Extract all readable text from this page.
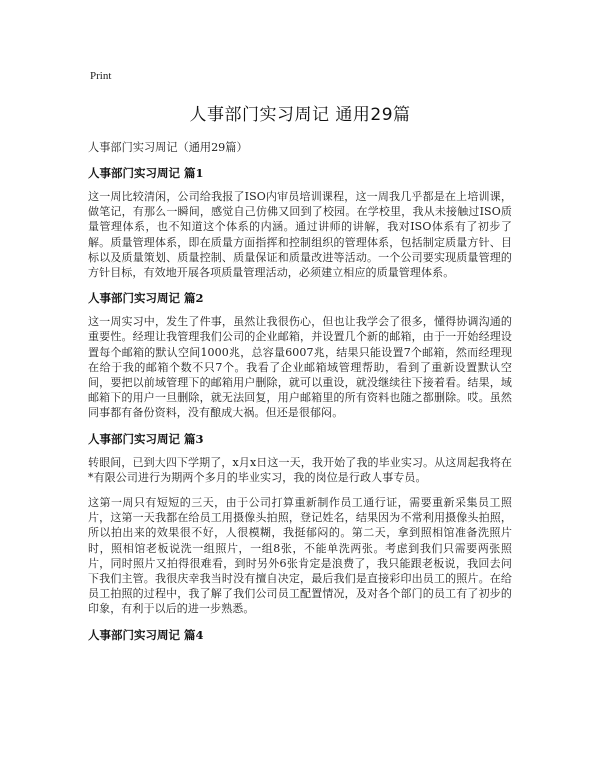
Print
人事部门实习周记 通用29篇
人事部门实习周记（通用29篇）
人事部门实习周记 篇1

这一周比较清闲，公司给我报了ISO内审员培训课程，这一周我几乎都是在上培训课，做笔记，有那么一瞬间，感觉自己仿佛又回到了校园。在学校里，我从未接触过ISO质量管理体系，也不知道这个体系的内涵。通过讲师的讲解，我对ISO体系有了初步了解。质量管理体系，即在质量方面指挥和控制组织的管理体系，包括制定质量方针、目标以及质量策划、质量控制、质量保证和质量改进等活动。一个公司要实现质量管理的方针目标，有效地开展各项质量管理活动，必须建立相应的质量管理体系。

人事部门实习周记 篇2

这一周实习中，发生了件事，虽然让我很伤心，但也让我学会了很多，懂得协调沟通的重要性。经理让我管理我们公司的企业邮箱，并设置几个新的邮箱，由于一开始经理设置每个邮箱的默认空间1000兆，总容量6007兆，结果只能设置7个邮箱，然而经理现在给于我的邮箱个数不只7个。我看了企业邮箱域管理帮助，看到了重新设置默认空间，要把以前域管理下的邮箱用户删除，就可以重设，就没继续往下接着看。结果，域邮箱下的用户一旦删除，就无法回复，用户邮箱里的所有资料也随之都删除。哎。虽然同事都有备份资料，没有酿成大祸。但还是很郁闷。

人事部门实习周记 篇3

转眼间，已到大四下学期了，x月x日这一天，我开始了我的毕业实习。从这周起我将在*有限公司进行为期两个多月的毕业实习，我的岗位是行政人事专员。

这第一周只有短短的三天，由于公司打算重新制作员工通行证，需要重新采集员工照片，这第一天我都在给员工用摄像头拍照，登记姓名，结果因为不常利用摄像头拍照，所以拍出来的效果很不好，人很模糊，我挺郁闷的。第二天，拿到照相馆准备洗照片时，照相馆老板说洗一组照片，一组8张，不能单洗两张。考虑到我们只需要两张照片，同时照片又拍得很难看，到时另外6张肯定是浪费了，我只能跟老板说，我回去问下我们主管。我很庆幸我当时没有擅自决定，最后我们是直接彩印出员工的照片。在给员工拍照的过程中，我了解了我们公司员工配置情况，及对各个部门的员工有了初步的印象，有利于以后的进一步熟悉。

人事部门实习周记 篇4
